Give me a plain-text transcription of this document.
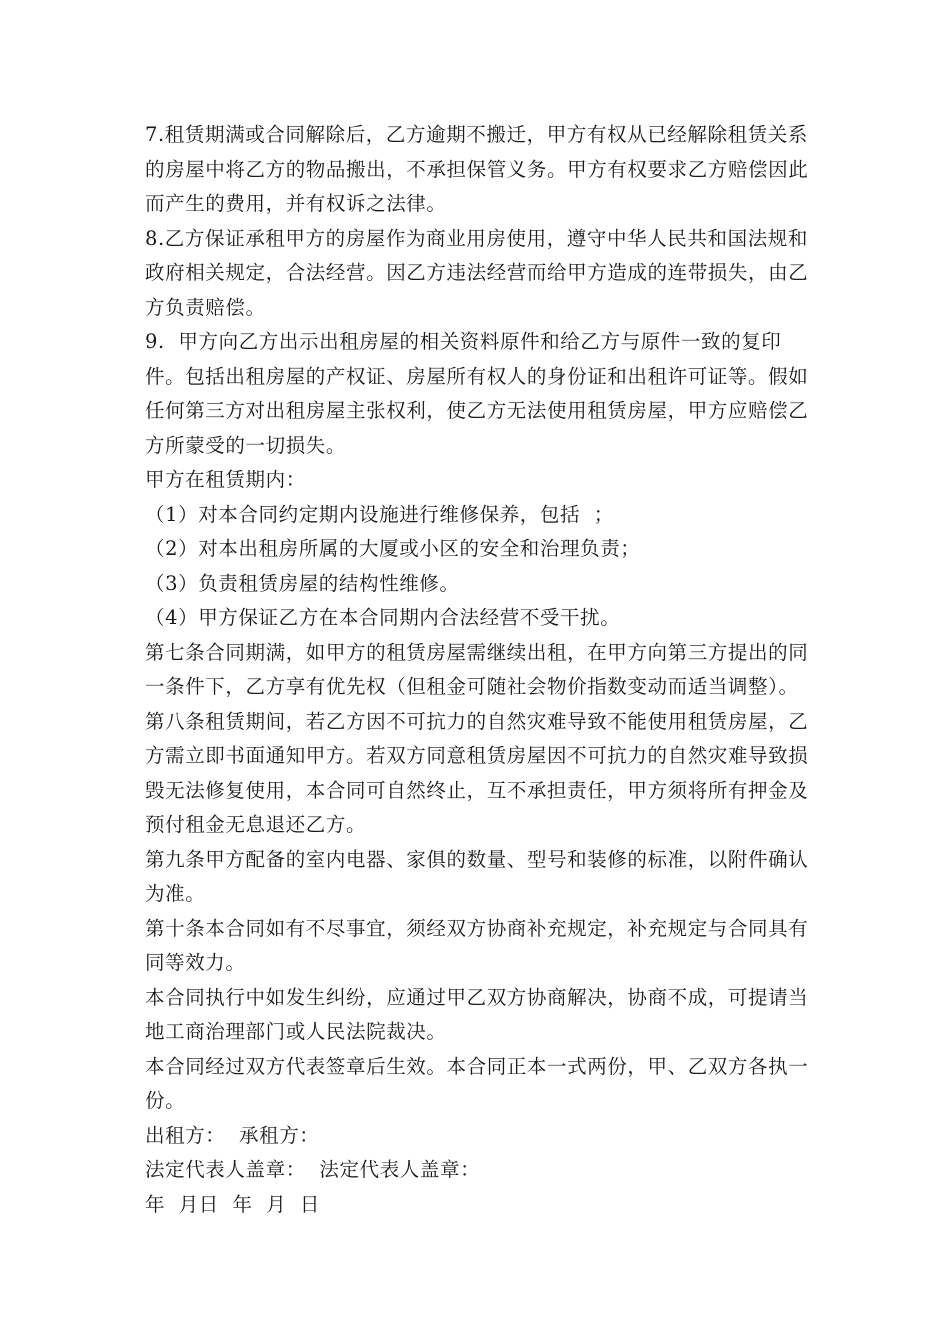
7.租赁期满或合同解除后，乙方逾期不搬迁，甲方有权从已经解除租赁关系的房屋中将乙方的物品搬出，不承担保管义务。甲方有权要求乙方赔偿因此而产生的费用，并有权诉之法律。

8.乙方保证承租甲方的房屋作为商业用房使用，遵守中华人民共和国法规和政府相关规定，合法经营。因乙方违法经营而给甲方造成的连带损失，由乙方负责赔偿。

9.  甲方向乙方出示出租房屋的相关资料原件和给乙方与原件一致的复印件。包括出租房屋的产权证、房屋所有权人的身份证和出租许可证等。假如任何第三方对出租房屋主张权利，使乙方无法使用租赁房屋，甲方应赔偿乙方所蒙受的一切损失。

甲方在租赁期内：

（1）对本合同约定期内设施进行维修保养，包括  ；

（2）对本出租房所属的大厦或小区的安全和治理负责；

（3）负责租赁房屋的结构性维修。

（4）甲方保证乙方在本合同期内合法经营不受干扰。

第七条合同期满，如甲方的租赁房屋需继续出租，在甲方向第三方提出的同一条件下，乙方享有优先权（但租金可随社会物价指数变动而适当调整）。

第八条租赁期间，若乙方因不可抗力的自然灾难导致不能使用租赁房屋，乙方需立即书面通知甲方。若双方同意租赁房屋因不可抗力的自然灾难导致损毁无法修复使用，本合同可自然终止，互不承担责任，甲方须将所有押金及预付租金无息退还乙方。

第九条甲方配备的室内电器、家俱的数量、型号和装修的标准，以附件确认为准。

第十条本合同如有不尽事宜，须经双方协商补充规定，补充规定与合同具有同等效力。

本合同执行中如发生纠纷，应通过甲乙双方协商解决，协商不成，可提请当地工商治理部门或人民法院裁决。

本合同经过双方代表签章后生效。本合同正本一式两份，甲、乙双方各执一份。

出租方：  承租方：

法定代表人盖章：  法定代表人盖章：

年  月日  年  月  日
